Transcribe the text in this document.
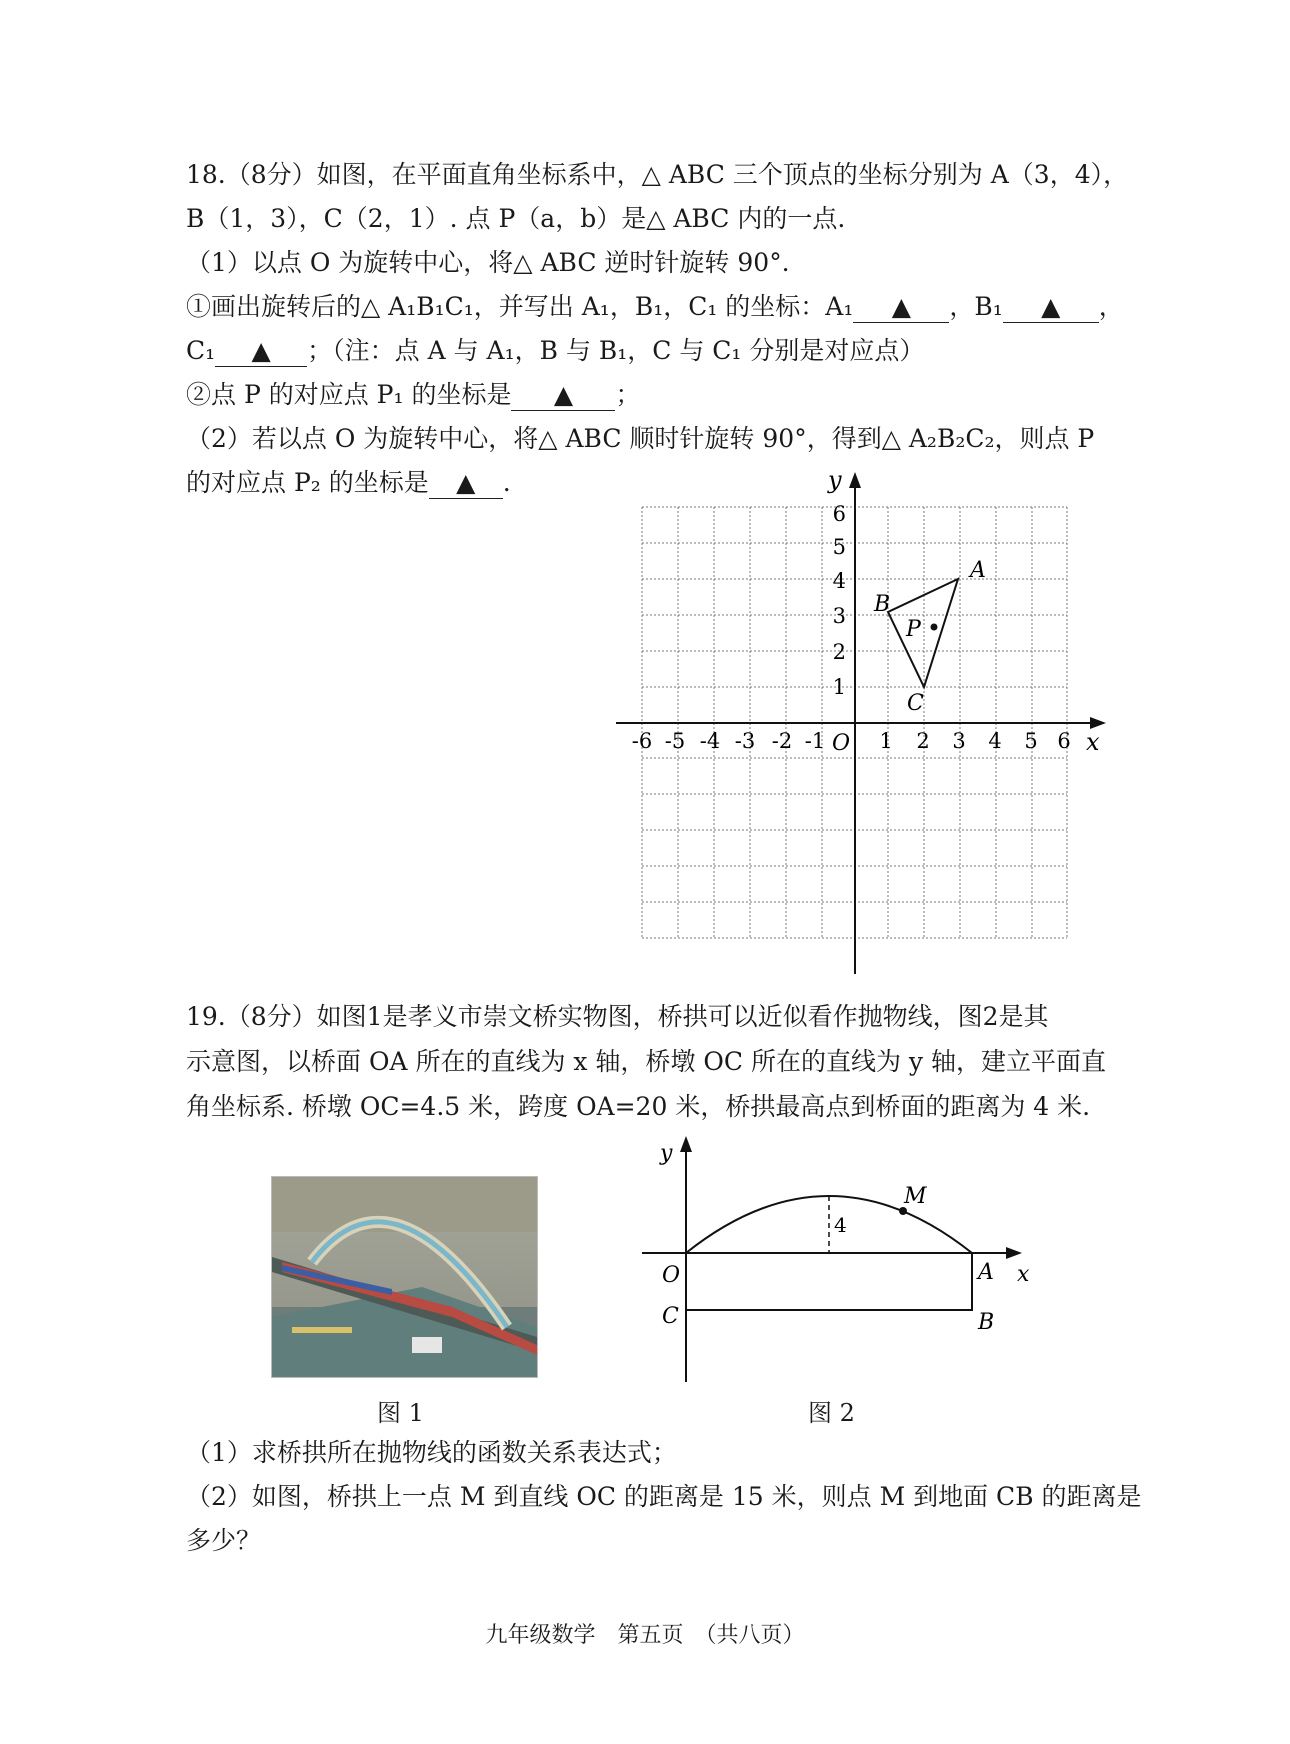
18.（8分）如图，在平面直角坐标系中，△ ABC 三个顶点的坐标分别为 A（3，4），
B（1，3），C（2，1）. 点 P（a，b）是△ ABC 内的一点.
（1）以点 O 为旋转中心，将△ ABC 逆时针旋转 90°．
①画出旋转后的△ A₁B₁C₁，并写出 A₁，B₁，C₁ 的坐标：A₁ ▲ ，B₁ ▲ ，
C₁ ▲ ；（注：点 A 与 A₁，B 与 B₁，C 与 C₁ 分别是对应点）
②点 P 的对应点 P₁ 的坐标是 ▲ ；
（2）若以点 O 为旋转中心，将△ ABC 顺时针旋转 90°，得到△ A₂B₂C₂，则点 P
的对应点 P₂ 的坐标是 ▲ .	y
x
O
-6 -5 -4 -3 -2 -1	1 2 3 4 5 6
1
2
3
4
5
6
A
B
C
P
19.（8分）如图1是孝义市崇文桥实物图，桥拱可以近似看作抛物线，图2是其
示意图，以桥面 OA 所在的直线为 x 轴，桥墩 OC 所在的直线为 y 轴，建立平面直
角坐标系. 桥墩 OC=4.5 米，跨度 OA=20 米，桥拱最高点到桥面的距离为 4 米.
图 1
y
x
O	A
C	B
M
4
图 2
（1）求桥拱所在抛物线的函数关系表达式；
（2）如图，桥拱上一点 M 到直线 OC 的距离是 15 米，则点 M 到地面 CB 的距离是
多少？
九年级数学　第五页　（共八页）
